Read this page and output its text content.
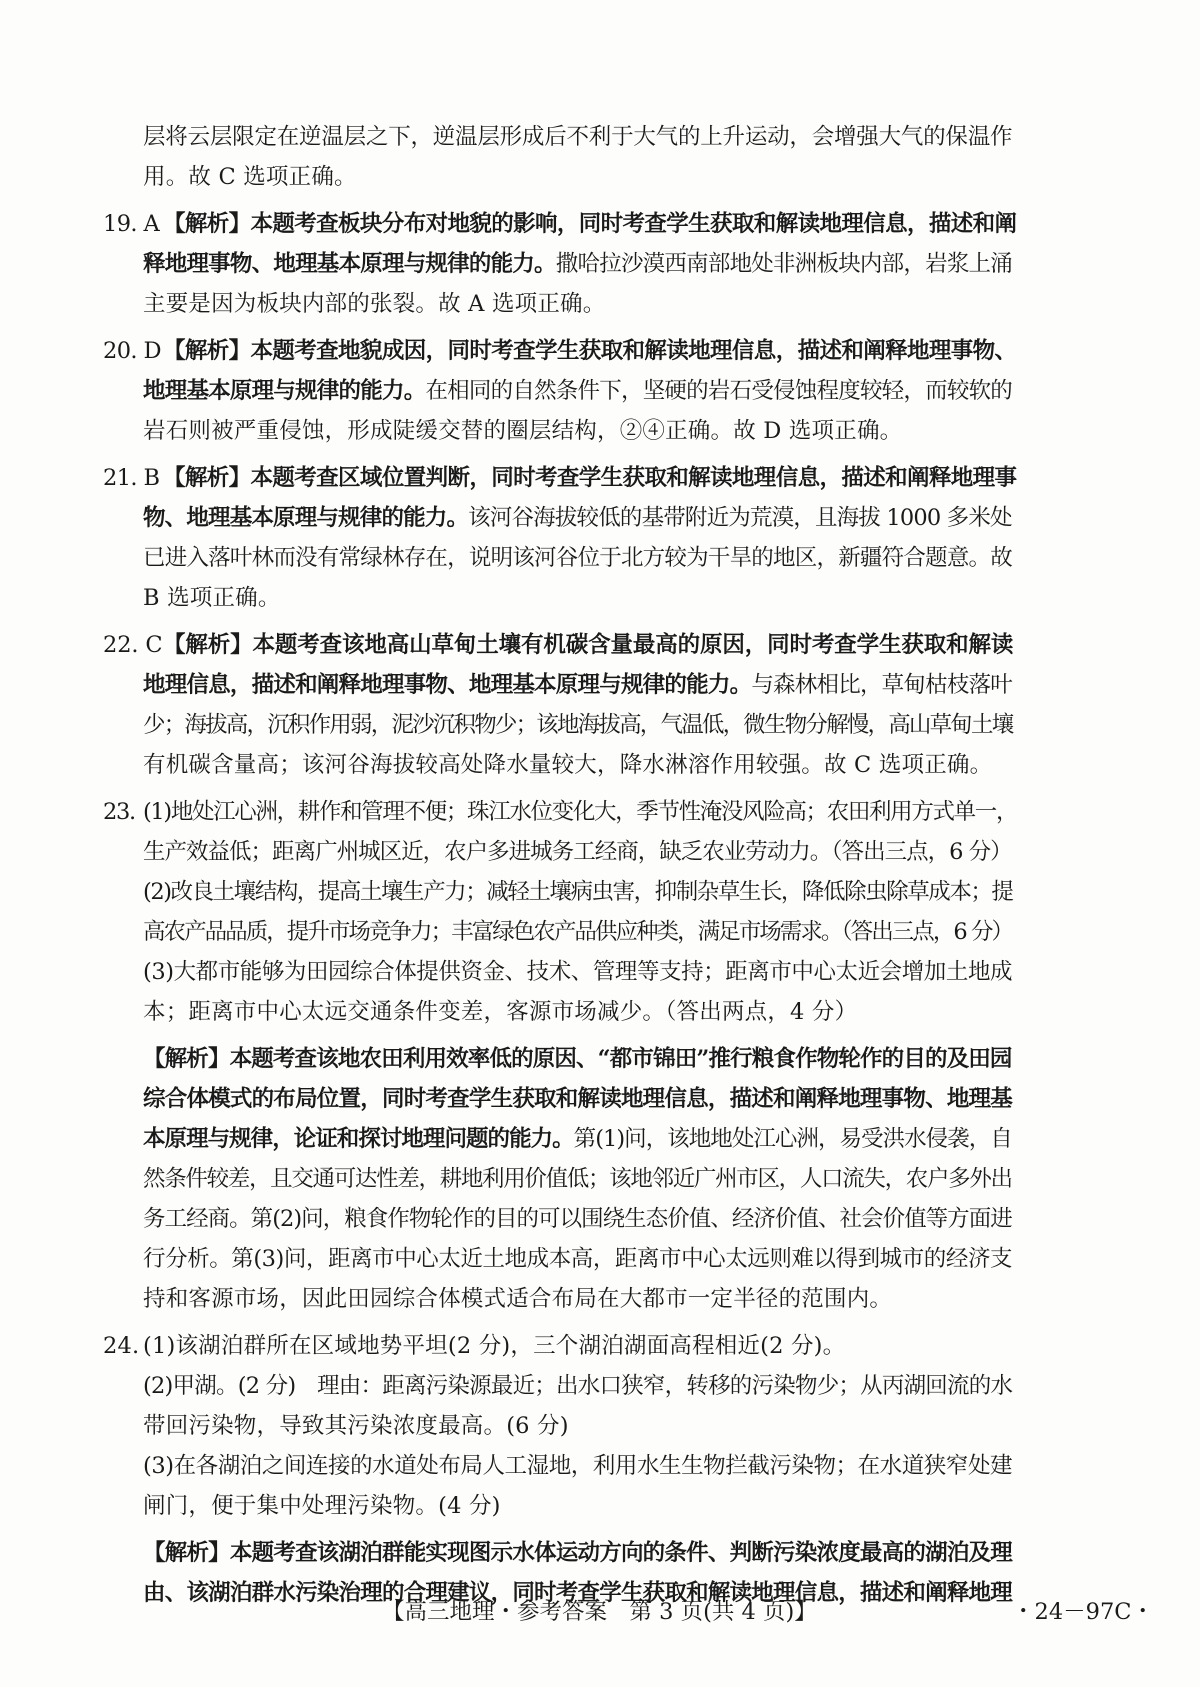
层将云层限定在逆温层之下，逆温层形成后不利于大气的上升运动，会增强大气的保温作
用。故 C 选项正确。
19. A 【解析】本题考查板块分布对地貌的影响，同时考查学生获取和解读地理信息，描述和阐
释地理事物、地理基本原理与规律的能力。撒哈拉沙漠西南部地处非洲板块内部，岩浆上涌
主要是因为板块内部的张裂。故 A 选项正确。
20. D 【解析】本题考查地貌成因，同时考查学生获取和解读地理信息，描述和阐释地理事物、
地理基本原理与规律的能力。在相同的自然条件下，坚硬的岩石受侵蚀程度较轻，而较软的
岩石则被严重侵蚀，形成陡缓交替的圈层结构，②④正确。故 D 选项正确。
21. B 【解析】本题考查区域位置判断，同时考查学生获取和解读地理信息，描述和阐释地理事
物、地理基本原理与规律的能力。该河谷海拔较低的基带附近为荒漠，且海拔 1000 多米处
已进入落叶林而没有常绿林存在，说明该河谷位于北方较为干旱的地区，新疆符合题意。故
B 选项正确。
22. C 【解析】本题考查该地高山草甸土壤有机碳含量最高的原因，同时考查学生获取和解读
地理信息，描述和阐释地理事物、地理基本原理与规律的能力。与森林相比，草甸枯枝落叶
少；海拔高，沉积作用弱，泥沙沉积物少；该地海拔高，气温低，微生物分解慢，高山草甸土壤
有机碳含量高；该河谷海拔较高处降水量较大，降水淋溶作用较强。故 C 选项正确。
23. (1)地处江心洲，耕作和管理不便；珠江水位变化大，季节性淹没风险高；农田利用方式单一，
生产效益低；距离广州城区近，农户多进城务工经商，缺乏农业劳动力。（答出三点，6 分）
(2)改良土壤结构，提高土壤生产力；减轻土壤病虫害，抑制杂草生长，降低除虫除草成本；提
高农产品品质，提升市场竞争力；丰富绿色农产品供应种类，满足市场需求。（答出三点，6 分）
(3)大都市能够为田园综合体提供资金、技术、管理等支持；距离市中心太近会增加土地成
本；距离市中心太远交通条件变差，客源市场减少。（答出两点，4 分）
【解析】本题考查该地农田利用效率低的原因、“都市锦田”推行粮食作物轮作的目的及田园
综合体模式的布局位置，同时考查学生获取和解读地理信息，描述和阐释地理事物、地理基
本原理与规律，论证和探讨地理问题的能力。第(1)问，该地地处江心洲，易受洪水侵袭，自
然条件较差，且交通可达性差，耕地利用价值低；该地邻近广州市区，人口流失，农户多外出
务工经商。第(2)问，粮食作物轮作的目的可以围绕生态价值、经济价值、社会价值等方面进
行分析。第(3)问，距离市中心太近土地成本高，距离市中心太远则难以得到城市的经济支
持和客源市场，因此田园综合体模式适合布局在大都市一定半径的范围内。
24. (1)该湖泊群所在区域地势平坦(2 分)，三个湖泊湖面高程相近(2 分)。
(2)甲湖。(2 分)　理由：距离污染源最近；出水口狭窄，转移的污染物少；从丙湖回流的水
带回污染物，导致其污染浓度最高。(6 分)
(3)在各湖泊之间连接的水道处布局人工湿地，利用水生生物拦截污染物；在水道狭窄处建
闸门，便于集中处理污染物。(4 分)
【解析】本题考查该湖泊群能实现图示水体运动方向的条件、判断污染浓度最高的湖泊及理
由、该湖泊群水污染治理的合理建议，同时考查学生获取和解读地理信息，描述和阐释地理
【高三地理・参考答案　第 3 页(共 4 页)】	・24－97C・
